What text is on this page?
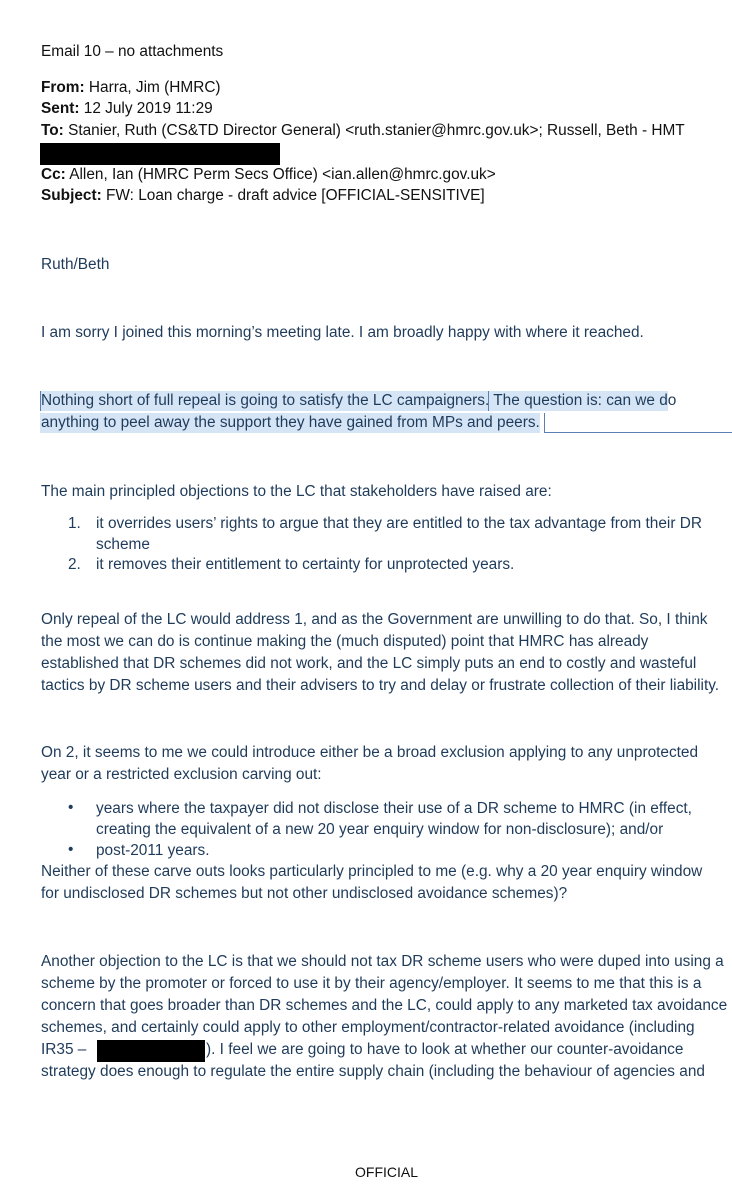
Email 10 – no attachments
From: Harra, Jim (HMRC)
Sent: 12 July 2019 11:29
To: Stanier, Ruth (CS&TD Director General) <ruth.stanier@hmrc.gov.uk>; Russell, Beth - HMT
Cc: Allen, Ian (HMRC Perm Secs Office) <ian.allen@hmrc.gov.uk>
Subject: FW: Loan charge - draft advice [OFFICIAL-SENSITIVE]
Ruth/Beth
I am sorry I joined this morning’s meeting late. I am broadly happy with where it reached.
Nothing short of full repeal is going to satisfy the LC campaigners. The question is: can we do
anything to peel away the support they have gained from MPs and peers.
The main principled objections to the LC that stakeholders have raised are:
1. it overrides users’ rights to argue that they are entitled to the tax advantage from their DR
scheme
2. it removes their entitlement to certainty for unprotected years.
Only repeal of the LC would address 1, and as the Government are unwilling to do that. So, I think
the most we can do is continue making the (much disputed) point that HMRC has already
established that DR schemes did not work, and the LC simply puts an end to costly and wasteful
tactics by DR scheme users and their advisers to try and delay or frustrate collection of their liability.
On 2, it seems to me we could introduce either be a broad exclusion applying to any unprotected
year or a restricted exclusion carving out:
• years where the taxpayer did not disclose their use of a DR scheme to HMRC (in effect,
creating the equivalent of a new 20 year enquiry window for non-disclosure); and/or
• post-2011 years.
Neither of these carve outs looks particularly principled to me (e.g. why a 20 year enquiry window
for undisclosed DR schemes but not other undisclosed avoidance schemes)?
Another objection to the LC is that we should not tax DR scheme users who were duped into using a
scheme by the promoter or forced to use it by their agency/employer. It seems to me that this is a
concern that goes broader than DR schemes and the LC, could apply to any marketed tax avoidance
schemes, and certainly could apply to other employment/contractor-related avoidance (including
IR35 –	). I feel we are going to have to look at whether our counter-avoidance
strategy does enough to regulate the entire supply chain (including the behaviour of agencies and
OFFICIAL
